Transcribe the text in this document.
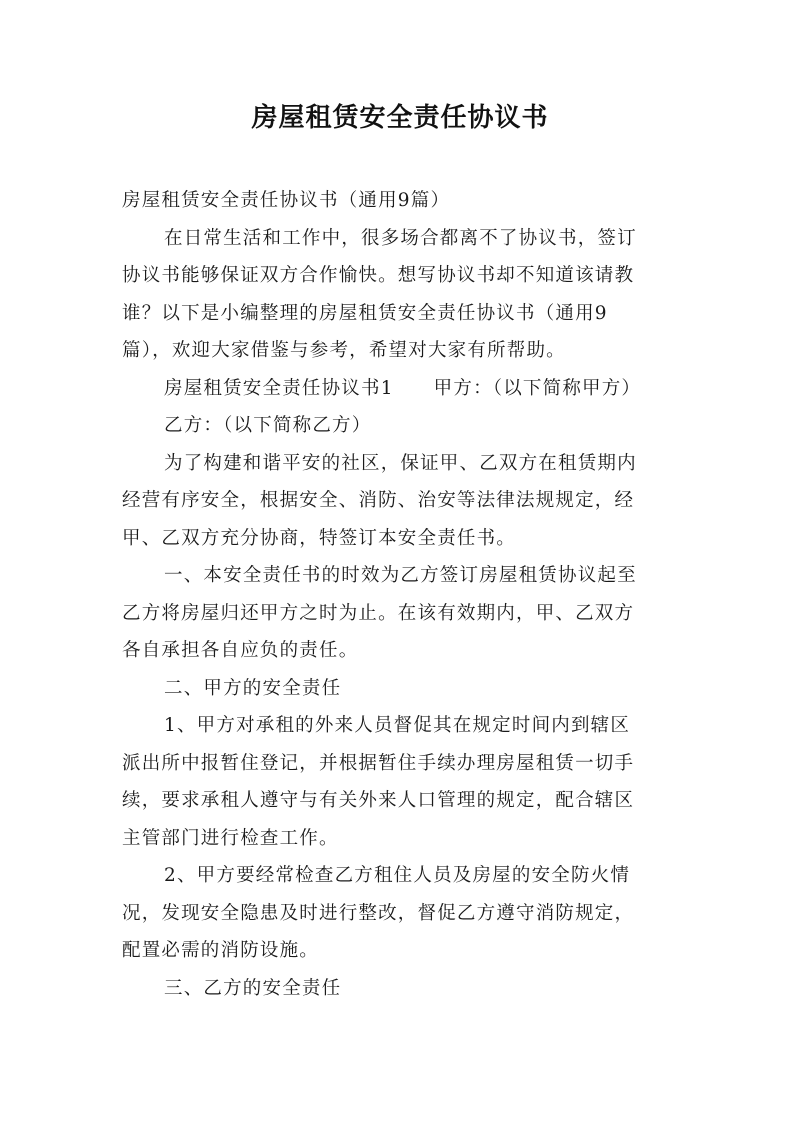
房屋租赁安全责任协议书
房屋租赁安全责任协议书（通用9篇）
在日常生活和工作中，很多场合都离不了协议书，签订
协议书能够保证双方合作愉快。想写协议书却不知道该请教
谁？以下是小编整理的房屋租赁安全责任协议书（通用9
篇），欢迎大家借鉴与参考，希望对大家有所帮助。
房屋租赁安全责任协议书1 甲方：（以下简称甲方）
乙方：（以下简称乙方）
为了构建和谐平安的社区，保证甲、乙双方在租赁期内
经营有序安全，根据安全、消防、治安等法律法规规定，经
甲、乙双方充分协商，特签订本安全责任书。
一、本安全责任书的时效为乙方签订房屋租赁协议起至
乙方将房屋归还甲方之时为止。在该有效期内，甲、乙双方
各自承担各自应负的责任。
二、甲方的安全责任
1、甲方对承租的外来人员督促其在规定时间内到辖区
派出所中报暂住登记，并根据暂住手续办理房屋租赁一切手
续，要求承租人遵守与有关外来人口管理的规定，配合辖区
主管部门进行检查工作。
2、甲方要经常检查乙方租住人员及房屋的安全防火情
况，发现安全隐患及时进行整改，督促乙方遵守消防规定，
配置必需的消防设施。
三、乙方的安全责任
